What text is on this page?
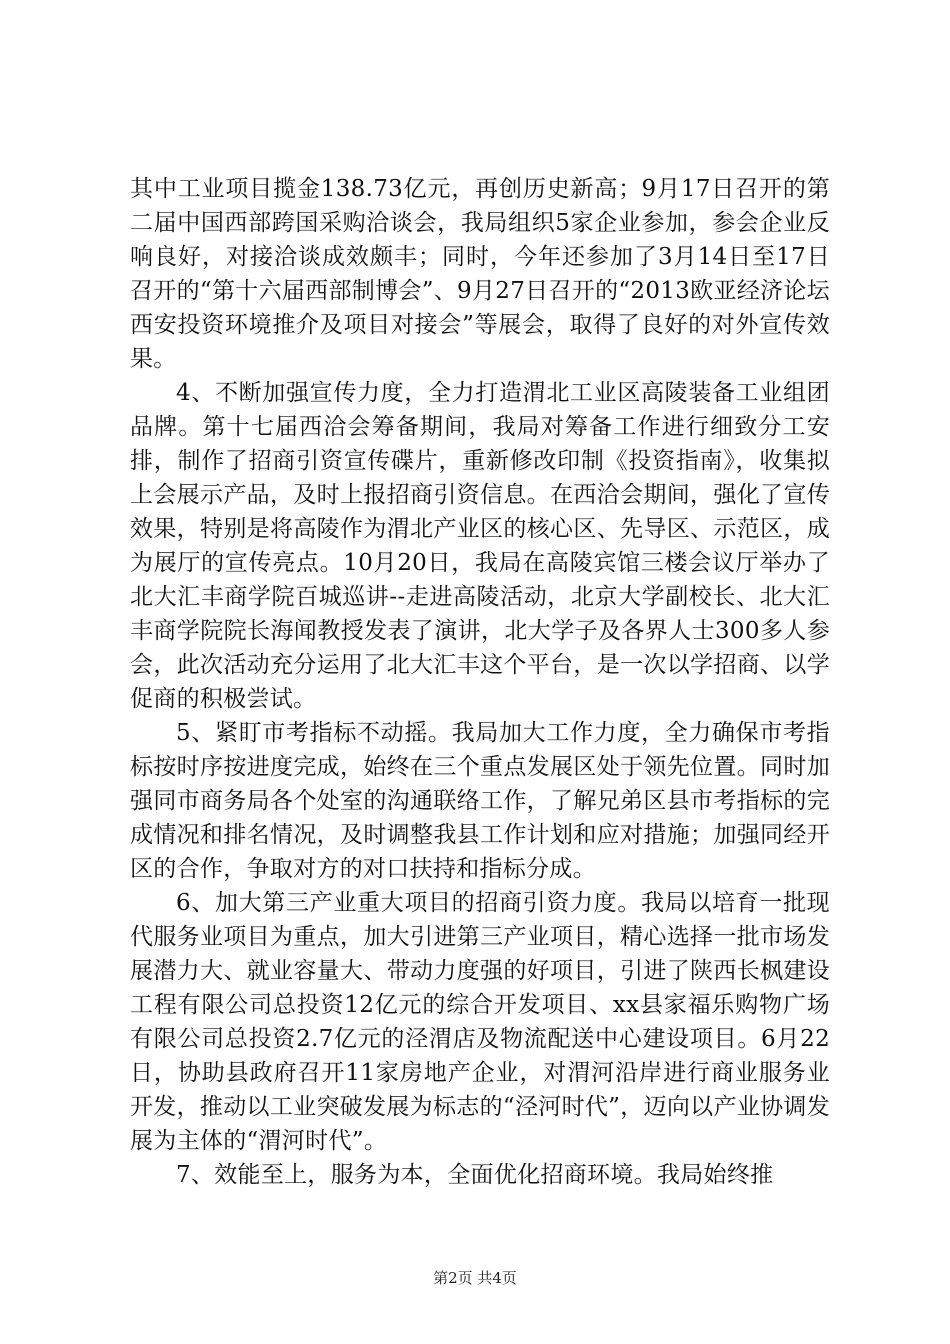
其中工业项目揽金138.73亿元，再创历史新高；9月17日召开的第二届中国西部跨国采购洽谈会，我局组织5家企业参加，参会企业反响良好，对接洽谈成效颇丰；同时，今年还参加了3月14日至17日召开的“第十六届西部制博会”、9月27日召开的“2013欧亚经济论坛西安投资环境推介及项目对接会”等展会，取得了良好的对外宣传效果。

4、不断加强宣传力度，全力打造渭北工业区高陵装备工业组团品牌。第十七届西洽会筹备期间，我局对筹备工作进行细致分工安排，制作了招商引资宣传碟片，重新修改印制《投资指南》，收集拟上会展示产品，及时上报招商引资信息。在西洽会期间，强化了宣传效果，特别是将高陵作为渭北产业区的核心区、先导区、示范区，成为展厅的宣传亮点。10月20日，我局在高陵宾馆三楼会议厅举办了北大汇丰商学院百城巡讲--走进高陵活动，北京大学副校长、北大汇丰商学院院长海闻教授发表了演讲，北大学子及各界人士300多人参会，此次活动充分运用了北大汇丰这个平台，是一次以学招商、以学促商的积极尝试。

5、紧盯市考指标不动摇。我局加大工作力度，全力确保市考指标按时序按进度完成，始终在三个重点发展区处于领先位置。同时加强同市商务局各个处室的沟通联络工作，了解兄弟区县市考指标的完成情况和排名情况，及时调整我县工作计划和应对措施；加强同经开区的合作，争取对方的对口扶持和指标分成。

6、加大第三产业重大项目的招商引资力度。我局以培育一批现代服务业项目为重点，加大引进第三产业项目，精心选择一批市场发展潜力大、就业容量大、带动力度强的好项目，引进了陕西长枫建设工程有限公司总投资12亿元的综合开发项目、xx县家福乐购物广场有限公司总投资2.7亿元的泾渭店及物流配送中心建设项目。6月22日，协助县政府召开11家房地产企业，对渭河沿岸进行商业服务业开发，推动以工业突破发展为标志的“泾河时代”，迈向以产业协调发展为主体的“渭河时代”。

7、效能至上，服务为本，全面优化招商环境。我局始终推

第2页 共4页
